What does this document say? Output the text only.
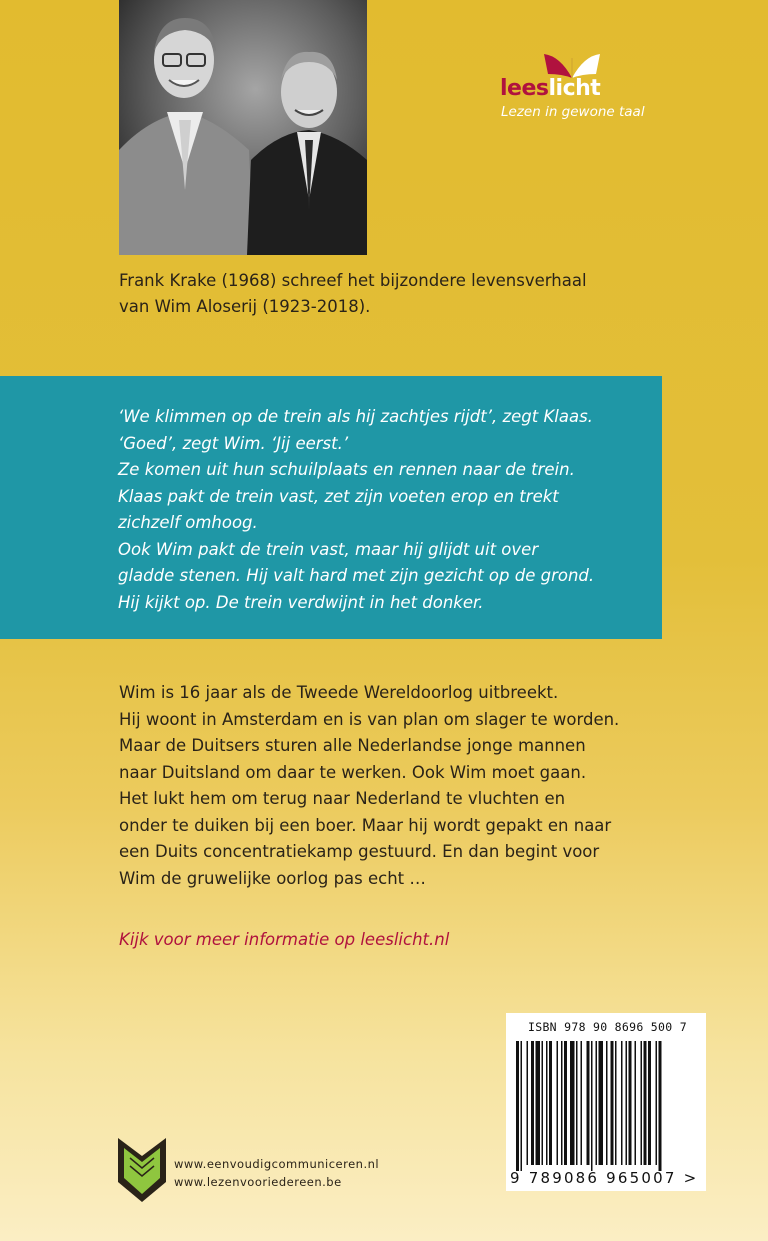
leeslicht
Lezen in gewone taal

Frank Krake (1968) schreef het bijzondere levensverhaal

van Wim Aloserij (1923-2018).

‘We klimmen op de trein als hij zachtjes rijdt’, zegt Klaas.

‘Goed’, zegt Wim. ‘Jij eerst.’

Ze komen uit hun schuilplaats en rennen naar de trein.

Klaas pakt de trein vast, zet zijn voeten erop en trekt

zichzelf omhoog.

Ook Wim pakt de trein vast, maar hij glijdt uit over

gladde stenen. Hij valt hard met zijn gezicht op de grond.

Hij kijkt op. De trein verdwijnt in het donker.

Wim is 16 jaar als de Tweede Wereldoorlog uitbreekt.

Hij woont in Amsterdam en is van plan om slager te worden.

Maar de Duitsers sturen alle Nederlandse jonge mannen

naar Duitsland om daar te werken. Ook Wim moet gaan.

Het lukt hem om terug naar Nederland te vluchten en

onder te duiken bij een boer. Maar hij wordt gepakt en naar

een Duits concentratiekamp gestuurd. En dan begint voor

Wim de gruwelijke oorlog pas echt …

Kijk voor meer informatie op leeslicht.nl
ISBN 978 90 8696 500 7
9 789086 965007 >

www.eenvoudigcommuniceren.nl

www.lezenvooriedereen.be
